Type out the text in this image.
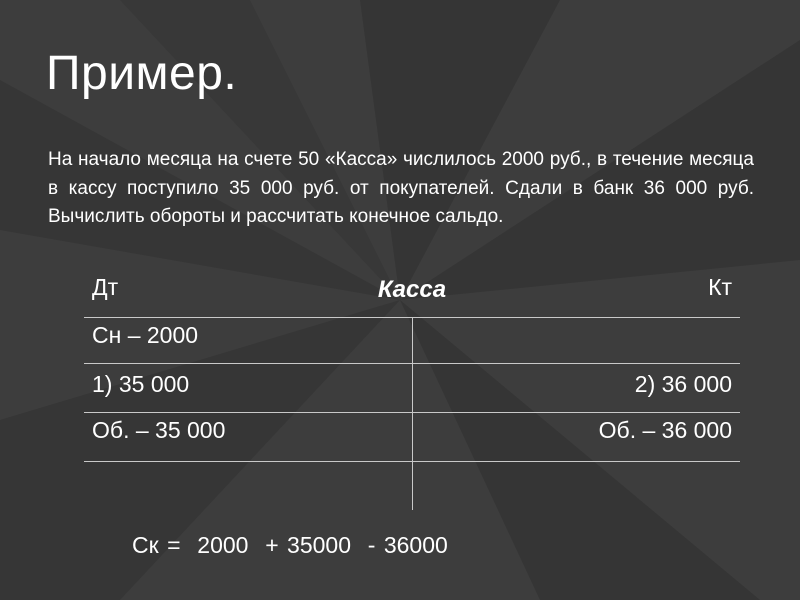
Пример.

На начало месяца на счете 50 «Касса» числилось 2000 руб., в течение месяца в кассу поступило 35 000 руб. от покупателей. Сдали в банк 36 000 руб. Вычислить обороты и рассчитать конечное сальдо.

Дт	Касса	Кт
Сн – 2000
1) 35 000	2) 36 000
Об. – 35 000	Об. – 36 000
Ск =  2000  + 35000  - 36000
